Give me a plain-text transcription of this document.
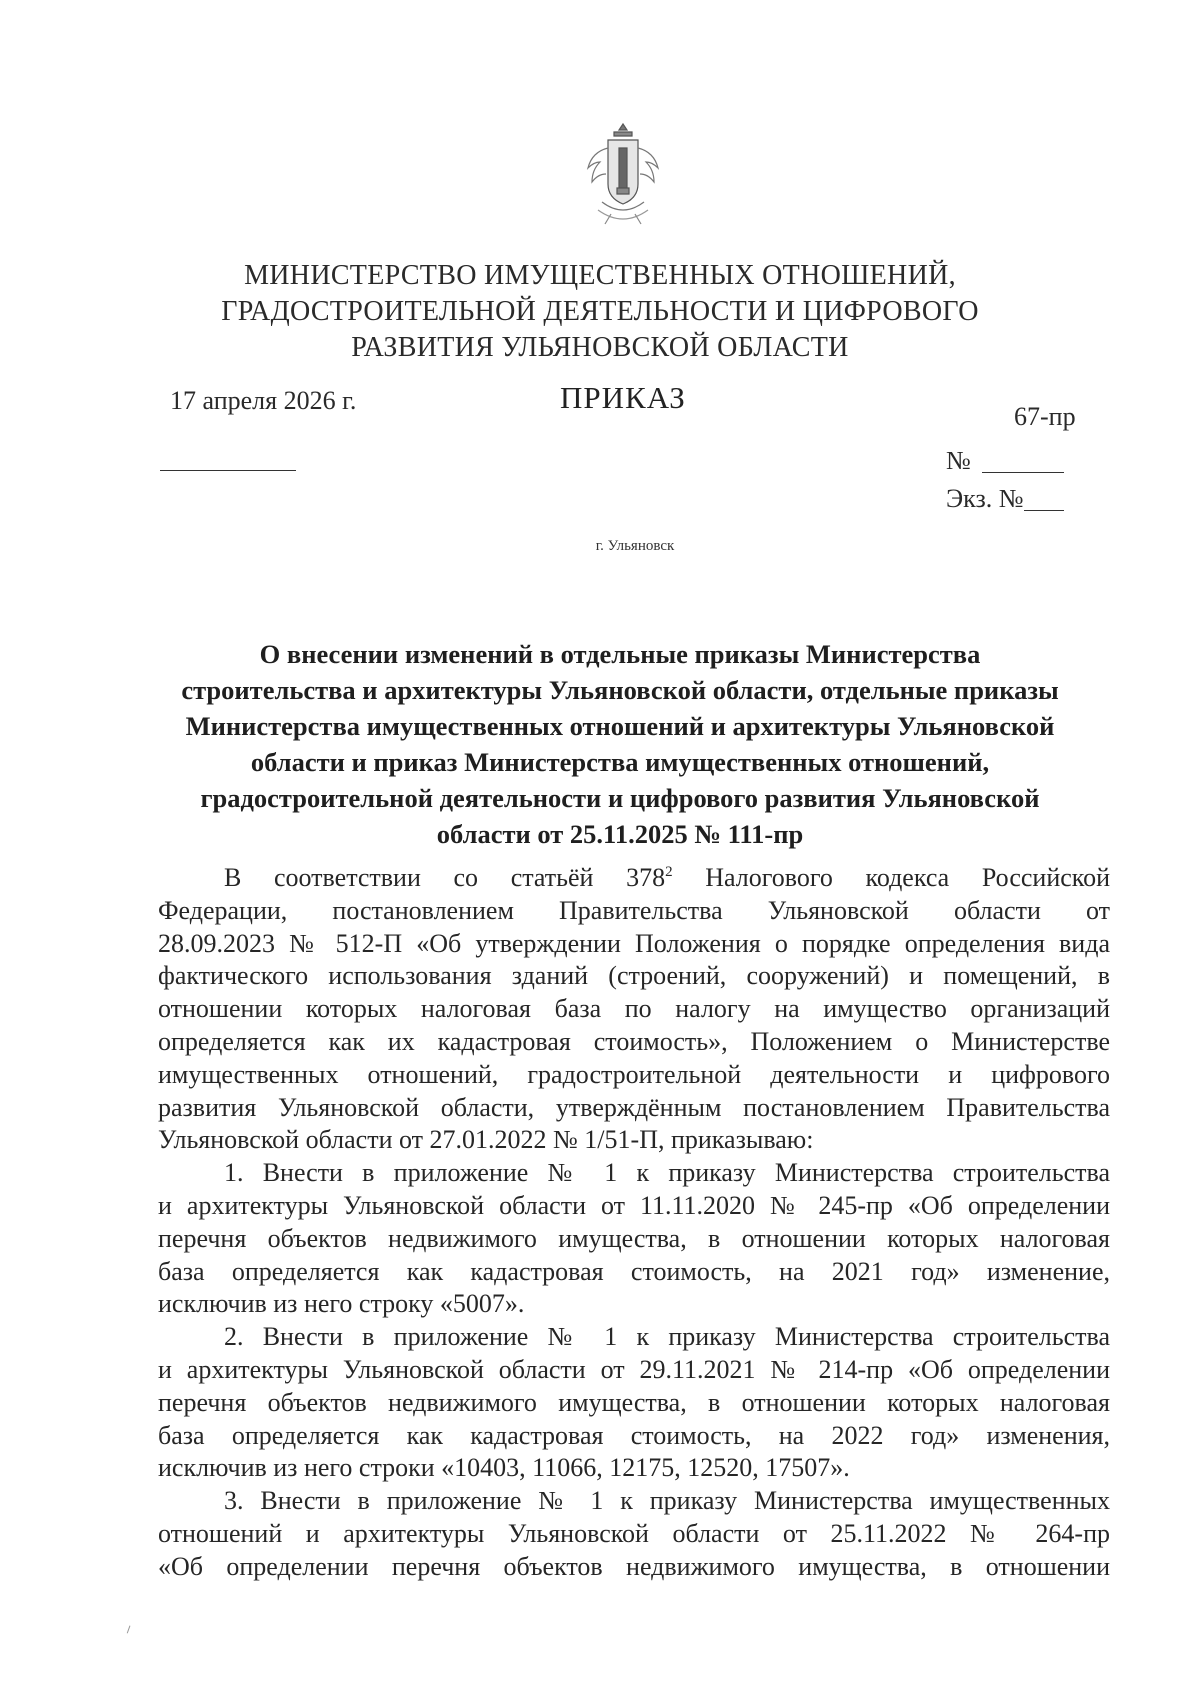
МИНИСТЕРСТВО ИМУЩЕСТВЕННЫХ ОТНОШЕНИЙ,
ГРАДОСТРОИТЕЛЬНОЙ ДЕЯТЕЛЬНОСТИ И ЦИФРОВОГО
РАЗВИТИЯ УЛЬЯНОВСКОЙ ОБЛАСТИ
17 апреля 2026 г.	ПРИКАЗ
67-пр
№
Экз. №
г. Ульяновск
О внесении изменений в отдельные приказы Министерства
строительства и архитектуры Ульяновской области, отдельные приказы
Министерства имущественных отношений и архитектуры Ульяновской
области и приказ Министерства имущественных отношений,
градостроительной деятельности и цифрового развития Ульяновской
области от 25.11.2025 № 111-пр
В соответствии со статьёй $378^2$ Налогового кодекса Российской
Федерации, постановлением Правительства Ульяновской области от
28.09.2023 № 512-П «Об утверждении Положения о порядке определения вида
фактического использования зданий (строений, сооружений) и помещений, в
отношении которых налоговая база по налогу на имущество организаций
определяется как их кадастровая стоимость», Положением о Министерстве
имущественных отношений, градостроительной деятельности и цифрового
развития Ульяновской области, утверждённым постановлением Правительства
Ульяновской области от 27.01.2022 № 1/51-П, приказываю:
1. Внести в приложение № 1 к приказу Министерства строительства
и архитектуры Ульяновской области от 11.11.2020 № 245-пр «Об определении
перечня объектов недвижимого имущества, в отношении которых налоговая
база определяется как кадастровая стоимость, на 2021 год» изменение,
исключив из него строку «5007».
2. Внести в приложение № 1 к приказу Министерства строительства
и архитектуры Ульяновской области от 29.11.2021 № 214-пр «Об определении
перечня объектов недвижимого имущества, в отношении которых налоговая
база определяется как кадастровая стоимость, на 2022 год» изменения,
исключив из него строки «10403, 11066, 12175, 12520, 17507».
3. Внести в приложение № 1 к приказу Министерства имущественных
отношений и архитектуры Ульяновской области от 25.11.2022 № 264-пр
«Об определении перечня объектов недвижимого имущества, в отношении
